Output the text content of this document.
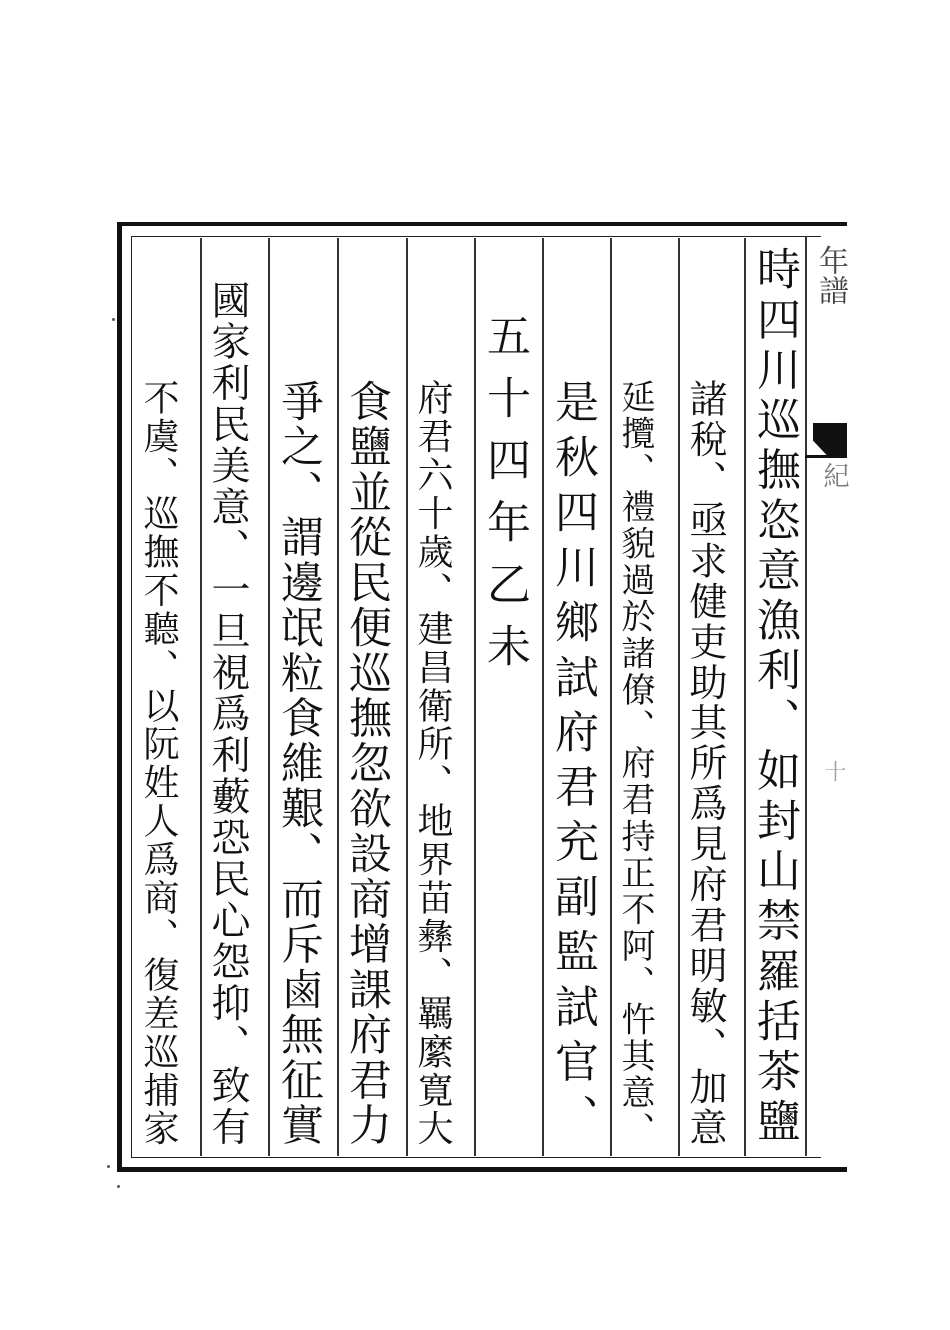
年譜
紀
十
時四川巡撫恣意漁利、如封山禁羅括茶鹽
諸稅、亟求健吏助其所爲見府君明敏、加意
延攬、禮貌過於諸僚、府君持正不阿、忤其意、
是秋四川鄉試府君充副監試官、
五十四年乙未
府君六十歲、建昌衛所、地界苗彝、羈縻寛大
食鹽並從民便巡撫忽欲設商增課府君力
爭之、謂邊氓粒食維艱、而斥鹵無征實
國家利民美意、一旦視爲利藪恐民心怨抑、致有
不虞、巡撫不聽、以阮姓人爲商、復差巡捕家
